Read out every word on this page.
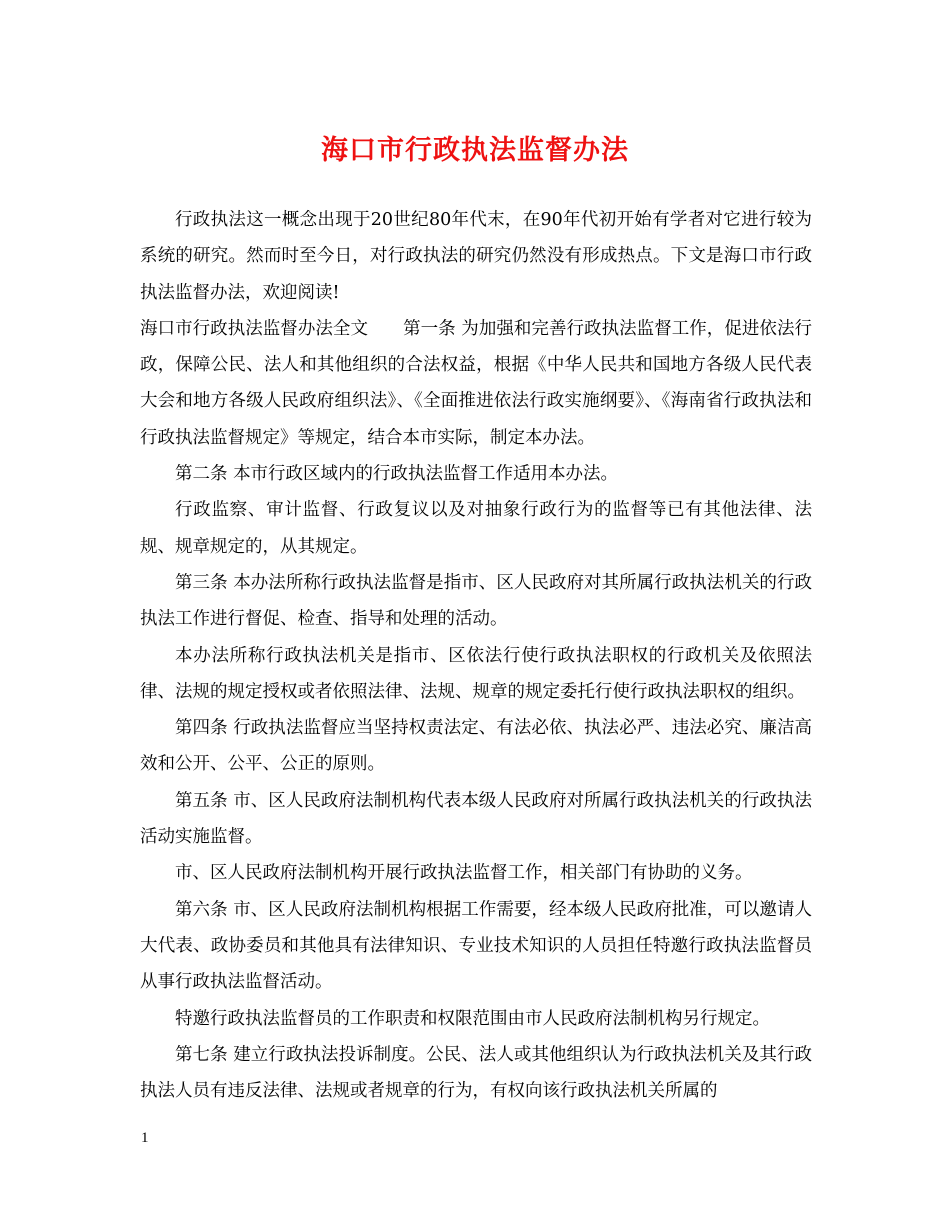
海口市行政执法监督办法

行政执法这一概念出现于20世纪80年代末，在90年代初开始有学者对它进行较为系统的研究。然而时至今日，对行政执法的研究仍然没有形成热点。下文是海口市行政执法监督办法，欢迎阅读!

海口市行政执法监督办法全文　　第一条 为加强和完善行政执法监督工作，促进依法行政，保障公民、法人和其他组织的合法权益，根据《中华人民共和国地方各级人民代表大会和地方各级人民政府组织法》、《全面推进依法行政实施纲要》、《海南省行政执法和行政执法监督规定》等规定，结合本市实际，制定本办法。

第二条 本市行政区域内的行政执法监督工作适用本办法。

行政监察、审计监督、行政复议以及对抽象行政行为的监督等已有其他法律、法规、规章规定的，从其规定。

第三条 本办法所称行政执法监督是指市、区人民政府对其所属行政执法机关的行政执法工作进行督促、检查、指导和处理的活动。

本办法所称行政执法机关是指市、区依法行使行政执法职权的行政机关及依照法律、法规的规定授权或者依照法律、法规、规章的规定委托行使行政执法职权的组织。

第四条 行政执法监督应当坚持权责法定、有法必依、执法必严、违法必究、廉洁高效和公开、公平、公正的原则。

第五条 市、区人民政府法制机构代表本级人民政府对所属行政执法机关的行政执法活动实施监督。

市、区人民政府法制机构开展行政执法监督工作，相关部门有协助的义务。

第六条 市、区人民政府法制机构根据工作需要，经本级人民政府批准，可以邀请人大代表、政协委员和其他具有法律知识、专业技术知识的人员担任特邀行政执法监督员从事行政执法监督活动。

特邀行政执法监督员的工作职责和权限范围由市人民政府法制机构另行规定。

第七条 建立行政执法投诉制度。公民、法人或其他组织认为行政执法机关及其行政执法人员有违反法律、法规或者规章的行为，有权向该行政执法机关所属的

1
